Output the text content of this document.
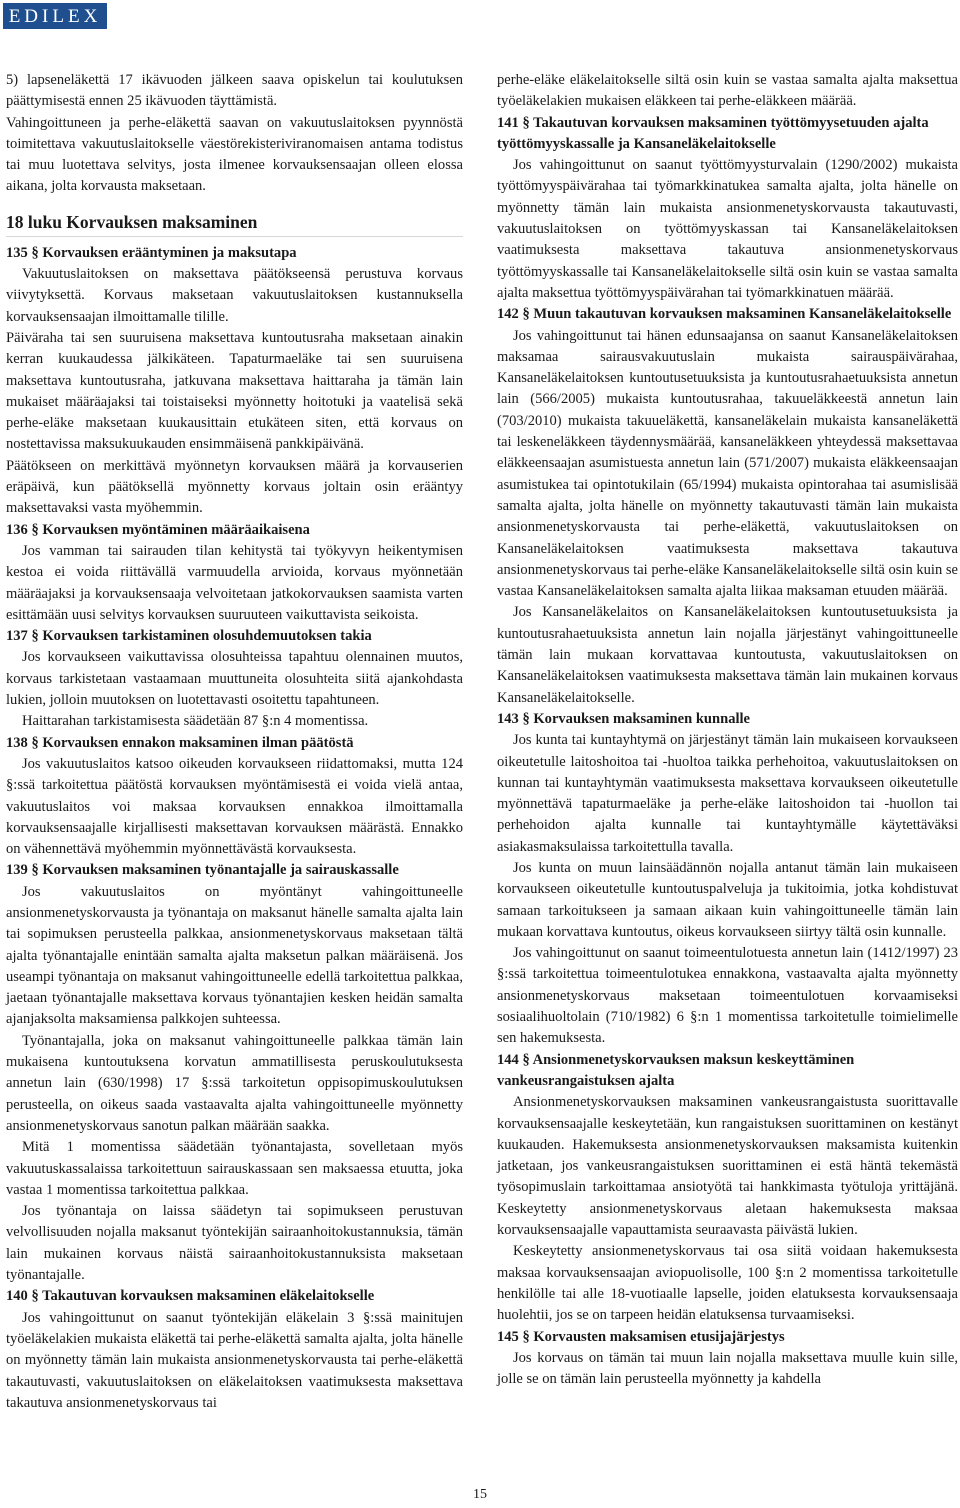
EDILEX

5) lapseneläkettä 17 ikävuoden jälkeen saava opiskelun tai koulutuksen päättymisestä ennen 25 ikävuoden täyttämistä.

Vahingoittuneen ja perhe-eläkettä saavan on vakuutuslaitoksen pyynnöstä toimitettava vakuutuslaitokselle väestörekisteriviranomaisen antama todistus tai muu luotettava selvitys, josta ilmenee korvauksensaajan olleen elossa aikana, jolta korvausta maksetaan.

18 luku Korvauksen maksaminen
135 § Korvauksen erääntyminen ja maksutapa

Vakuutuslaitoksen on maksettava päätökseensä perustuva korvaus viivytyksettä. Korvaus maksetaan vakuutuslaitoksen kustannuksella korvauksensaajan ilmoittamalle tilille.

Päiväraha tai sen suuruisena maksettava kuntoutusraha maksetaan ainakin kerran kuukaudessa jälkikäteen. Tapaturmaeläke tai sen suuruisena maksettava kuntoutusraha, jatkuvana maksettava haittaraha ja tämän lain mukaiset määräajaksi tai toistaiseksi myönnetty hoitotuki ja vaatelisä sekä perhe-eläke maksetaan kuukausittain etukäteen siten, että korvaus on nostettavissa maksukuukauden ensimmäisenä pankkipäivänä.

Päätökseen on merkittävä myönnetyn korvauksen määrä ja korvauserien eräpäivä, kun päätöksellä myönnetty korvaus joltain osin erääntyy maksettavaksi vasta myöhemmin.

136 § Korvauksen myöntäminen määräaikaisena

Jos vamman tai sairauden tilan kehitystä tai työkyvyn heikentymisen kestoa ei voida riittävällä varmuudella arvioida, korvaus myönnetään määräajaksi ja korvauksensaaja velvoitetaan jatkokorvauksen saamista varten esittämään uusi selvitys korvauksen suuruuteen vaikuttavista seikoista.

137 § Korvauksen tarkistaminen olosuhdemuutoksen takia

Jos korvaukseen vaikuttavissa olosuhteissa tapahtuu olennainen muutos, korvaus tarkistetaan vastaamaan muuttuneita olosuhteita siitä ajankohdasta lukien, jolloin muutoksen on luotettavasti osoitettu tapahtuneen.

Haittarahan tarkistamisesta säädetään 87 §:n 4 momentissa.

138 § Korvauksen ennakon maksaminen ilman päätöstä

Jos vakuutuslaitos katsoo oikeuden korvaukseen riidattomaksi, mutta 124 §:ssä tarkoitettua päätöstä korvauksen myöntämisestä ei voida vielä antaa, vakuutuslaitos voi maksaa korvauksen ennakkoa ilmoittamalla korvauksensaajalle kirjallisesti maksettavan korvauksen määrästä. Ennakko on vähennettävä myöhemmin myönnettävästä korvauksesta.

139 § Korvauksen maksaminen työnantajalle ja sairauskassalle

Jos vakuutuslaitos on myöntänyt vahingoittuneelle ansionmenetyskorvausta ja työnantaja on maksanut hänelle samalta ajalta lain tai sopimuksen perusteella palkkaa, ansionmenetyskorvaus maksetaan tältä ajalta työnantajalle enintään samalta ajalta maksetun palkan määräisenä. Jos useampi työnantaja on maksanut vahingoittuneelle edellä tarkoitettua palkkaa, jaetaan työnantajalle maksettava korvaus työnantajien kesken heidän samalta ajanjaksolta maksamiensa palkkojen suhteessa.

Työnantajalla, joka on maksanut vahingoittuneelle palkkaa tämän lain mukaisena kuntoutuksena korvatun ammatillisesta peruskoulutuksesta annetun lain (630/1998) 17 §:ssä tarkoitetun oppisopimuskoulutuksen perusteella, on oikeus saada vastaavalta ajalta vahingoittuneelle myönnetty ansionmenetyskorvaus sanotun palkan määrään saakka.

Mitä 1 momentissa säädetään työnantajasta, sovelletaan myös vakuutuskassalaissa tarkoitettuun sairauskassaan sen maksaessa etuutta, joka vastaa 1 momentissa tarkoitettua palkkaa.

Jos työnantaja on laissa säädetyn tai sopimukseen perustuvan velvollisuuden nojalla maksanut työntekijän sairaanhoitokustannuksia, tämän lain mukainen korvaus näistä sairaanhoitokustannuksista maksetaan työnantajalle.

140 § Takautuvan korvauksen maksaminen eläkelaitokselle

Jos vahingoittunut on saanut työntekijän eläkelain 3 §:ssä mainitujen työeläkelakien mukaista eläkettä tai perhe-eläkettä samalta ajalta, jolta hänelle on myönnetty tämän lain mukaista ansionmenetyskorvausta tai perhe-eläkettä takautuvasti, vakuutuslaitoksen on eläkelaitoksen vaatimuksesta maksettava takautuva ansionmenetyskorvaus tai

perhe-eläke eläkelaitokselle siltä osin kuin se vastaa samalta ajalta maksettua työeläkelakien mukaisen eläkkeen tai perhe-eläkkeen määrää.

141 § Takautuvan korvauksen maksaminen työttömyysetuuden ajalta työttömyyskassalle ja Kansaneläkelaitokselle

Jos vahingoittunut on saanut työttömyysturvalain (1290/2002) mukaista työttömyyspäivärahaa tai työmarkkinatukea samalta ajalta, jolta hänelle on myönnetty tämän lain mukaista ansionmenetyskorvausta takautuvasti, vakuutuslaitoksen on työttömyyskassan tai Kansaneläkelaitoksen vaatimuksesta maksettava takautuva ansionmenetyskorvaus työttömyyskassalle tai Kansaneläkelaitokselle siltä osin kuin se vastaa samalta ajalta maksettua työttömyyspäivärahan tai työmarkkinatuen määrää.

142 § Muun takautuvan korvauksen maksaminen Kansaneläkelaitokselle

Jos vahingoittunut tai hänen edunsaajansa on saanut Kansaneläkelaitoksen maksamaa sairausvakuutuslain mukaista sairauspäivärahaa, Kansaneläkelaitoksen kuntoutusetuuksista ja kuntoutusrahaetuuksista annetun lain (566/2005) mukaista kuntoutusrahaa, takuueläkkeestä annetun lain (703/2010) mukaista takuueläkettä, kansaneläkelain mukaista kansaneläkettä tai leskeneläkkeen täydennysmäärää, kansaneläkkeen yhteydessä maksettavaa eläkkeensaajan asumistuesta annetun lain (571/2007) mukaista eläkkeensaajan asumistukea tai opintotukilain (65/1994) mukaista opintorahaa tai asumislisää samalta ajalta, jolta hänelle on myönnetty takautuvasti tämän lain mukaista ansionmenetyskorvausta tai perhe-eläkettä, vakuutuslaitoksen on Kansaneläkelaitoksen vaatimuksesta maksettava takautuva ansionmenetyskorvaus tai perhe-eläke Kansaneläkelaitokselle siltä osin kuin se vastaa Kansaneläkelaitoksen samalta ajalta liikaa maksaman etuuden määrää.

Jos Kansaneläkelaitos on Kansaneläkelaitoksen kuntoutusetuuksista ja kuntoutusrahaetuuksista annetun lain nojalla järjestänyt vahingoittuneelle tämän lain mukaan korvattavaa kuntoutusta, vakuutuslaitoksen on Kansaneläkelaitoksen vaatimuksesta maksettava tämän lain mukainen korvaus Kansaneläkelaitokselle.

143 § Korvauksen maksaminen kunnalle

Jos kunta tai kuntayhtymä on järjestänyt tämän lain mukaiseen korvaukseen oikeutetulle laitoshoitoa tai -huoltoa taikka perhehoitoa, vakuutuslaitoksen on kunnan tai kuntayhtymän vaatimuksesta maksettava korvaukseen oikeutetulle myönnettävä tapaturmaeläke ja perhe-eläke laitoshoidon tai -huollon tai perhehoidon ajalta kunnalle tai kuntayhtymälle käytettäväksi asiakasmaksulaissa tarkoitettulla tavalla.

Jos kunta on muun lainsäädännön nojalla antanut tämän lain mukaiseen korvaukseen oikeutetulle kuntoutuspalveluja ja tukitoimia, jotka kohdistuvat samaan tarkoitukseen ja samaan aikaan kuin vahingoittuneelle tämän lain mukaan korvattava kuntoutus, oikeus korvaukseen siirtyy tältä osin kunnalle.

Jos vahingoittunut on saanut toimeentulotuesta annetun lain (1412/1997) 23 §:ssä tarkoitettua toimeentulotukea ennakkona, vastaavalta ajalta myönnetty ansionmenetyskorvaus maksetaan toimeentulotuen korvaamiseksi sosiaalihuoltolain (710/1982) 6 §:n 1 momentissa tarkoitetulle toimielimelle sen hakemuksesta.

144 § Ansionmenetyskorvauksen maksun keskeyttäminen vankeusrangaistuksen ajalta

Ansionmenetyskorvauksen maksaminen vankeusrangaistusta suorittavalle korvauksensaajalle keskeytetään, kun rangaistuksen suorittaminen on kestänyt kuukauden. Hakemuksesta ansionmenetyskorvauksen maksamista kuitenkin jatketaan, jos vankeusrangaistuksen suorittaminen ei estä häntä tekemästä työsopimuslain tarkoittamaa ansiotyötä tai hankkimasta työtuloja yrittäjänä. Keskeytetty ansionmenetyskorvaus aletaan hakemuksesta maksaa korvauksensaajalle vapauttamista seuraavasta päivästä lukien.

Keskeytetty ansionmenetyskorvaus tai osa siitä voidaan hakemuksesta maksaa korvauksensaajan aviopuolisolle, 100 §:n 2 momentissa tarkoitetulle henkilölle tai alle 18-vuotiaalle lapselle, joiden elatuksesta korvauksensaaja huolehtii, jos se on tarpeen heidän elatuksensa turvaamiseksi.

145 § Korvausten maksamisen etusijajärjestys

Jos korvaus on tämän tai muun lain nojalla maksettava muulle kuin sille, jolle se on tämän lain perusteella myönnetty ja kahdella

15
